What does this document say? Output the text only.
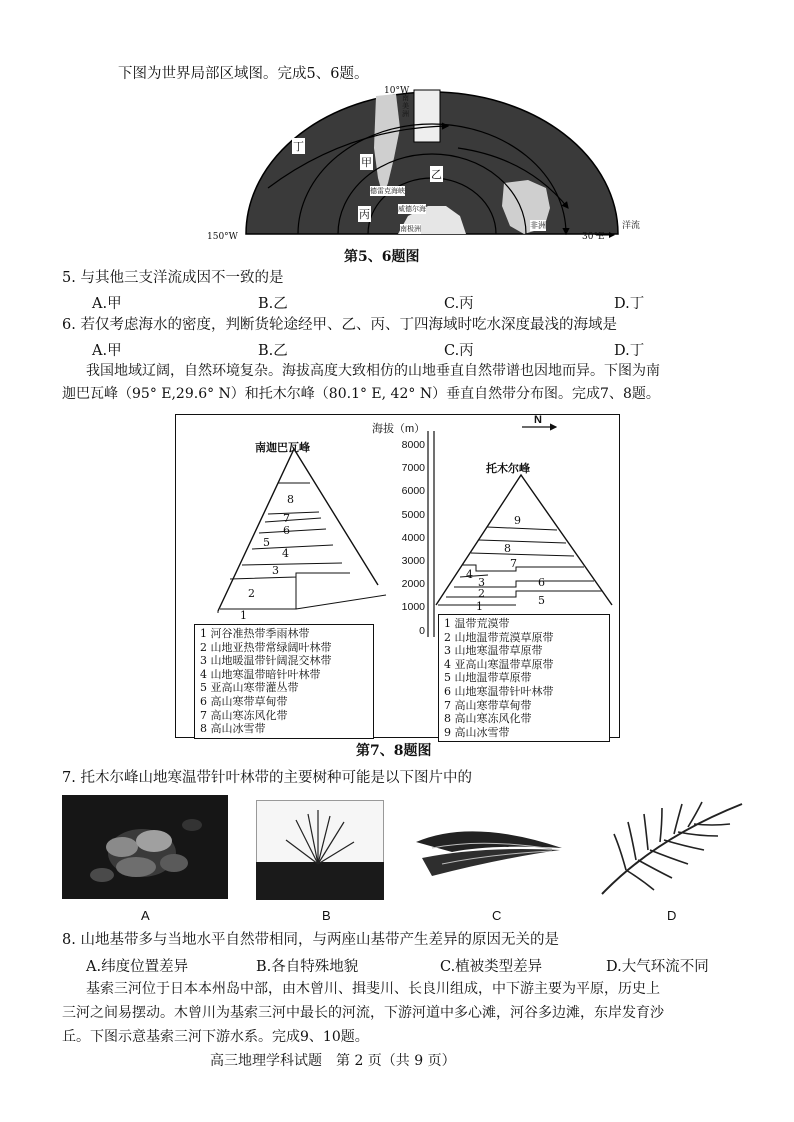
下图为世界局部区域图。完成5、6题。
10°W
150°W	30°E
洋流
丁
甲
乙
丙
南美洲
非洲
德雷克海峡
威德尔海
南极洲
第5、6题图
5. 与其他三支洋流成因不一致的是
A.甲	B.乙	C.丙	D.丁
6. 若仅考虑海水的密度，判断货轮途经甲、乙、丙、丁四海域时吃水深度最浅的海域是
A.甲	B.乙	C.丙	D.丁
我国地域辽阔，自然环境复杂。海拔高度大致相仿的山地垂直自然带谱也因地而异。下图为南
迦巴瓦峰（95° E,29.6° N）和托木尔峰（80.1° E, 42° N）垂直自然带分布图。完成7、8题。
海拔（m）
N
8000
7000
6000
5000
4000
3000
2000
1000
0
南迦巴瓦峰
托木尔峰
1
2
3
4
5
6
7
8
1
2
3
4
5
6
7
8
9
1 河谷准热带季雨林带
2 山地亚热带常绿阔叶林带
3 山地暖温带针阔混交林带
4 山地寒温带暗针叶林带
5 亚高山寒带灌丛带
6 高山寒带草甸带
7 高山寒冻风化带
8 高山冰雪带
1 温带荒漠带
2 山地温带荒漠草原带
3 山地寒温带草原带
4 亚高山寒温带草原带
5 山地温带草原带
6 山地寒温带针叶林带
7 高山寒带草甸带
8 高山寒冻风化带
9 高山冰雪带
第7、8题图
7. 托木尔峰山地寒温带针叶林带的主要树种可能是以下图片中的
A	B	C	D
8. 山地基带多与当地水平自然带相同，与两座山基带产生差异的原因无关的是
A.纬度位置差异	B.各自特殊地貌	C.植被类型差异	D.大气环流不同
基索三河位于日本本州岛中部，由木曾川、揖斐川、长良川组成，中下游主要为平原，历史上
三河之间易摆动。木曾川为基索三河中最长的河流，下游河道中多心滩，河谷多边滩，东岸发育沙
丘。下图示意基索三河下游水系。完成9、10题。
高三地理学科试题　第 2 页（共 9 页）
